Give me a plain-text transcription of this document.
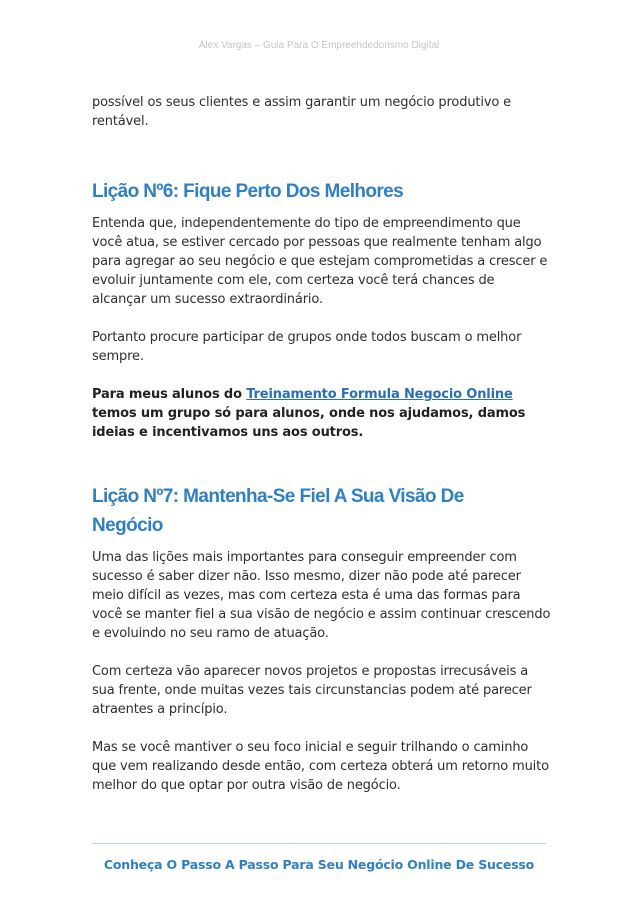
Alex Vargas – Guia Para O Empreendedorismo Digital

possível os seus clientes e assim garantir um negócio produtivo e rentável.

Lição Nº6: Fique Perto Dos Melhores

Entenda que, independentemente do tipo de empreendimento que você atua, se estiver cercado por pessoas que realmente tenham algo para agregar ao seu negócio e que estejam comprometidas a crescer e evoluir juntamente com ele, com certeza você terá chances de alcançar um sucesso extraordinário.

Portanto procure participar de grupos onde todos buscam o melhor sempre.

Para meus alunos do Treinamento Formula Negocio Online temos um grupo só para alunos, onde nos ajudamos, damos ideias e incentivamos uns aos outros.

Lição Nº7: Mantenha-Se Fiel A Sua Visão De Negócio

Uma das lições mais importantes para conseguir empreender com sucesso é saber dizer não. Isso mesmo, dizer não pode até parecer meio difícil as vezes, mas com certeza esta é uma das formas para você se manter fiel a sua visão de negócio e assim continuar crescendo e evoluindo no seu ramo de atuação.

Com certeza vão aparecer novos projetos e propostas irrecusáveis a sua frente, onde muitas vezes tais circunstancias podem até parecer atraentes a princípio.

Mas se você mantiver o seu foco inicial e seguir trilhando o caminho que vem realizando desde então, com certeza obterá um retorno muito melhor do que optar por outra visão de negócio.

Conheça O Passo A Passo Para Seu Negócio Online De Sucesso
